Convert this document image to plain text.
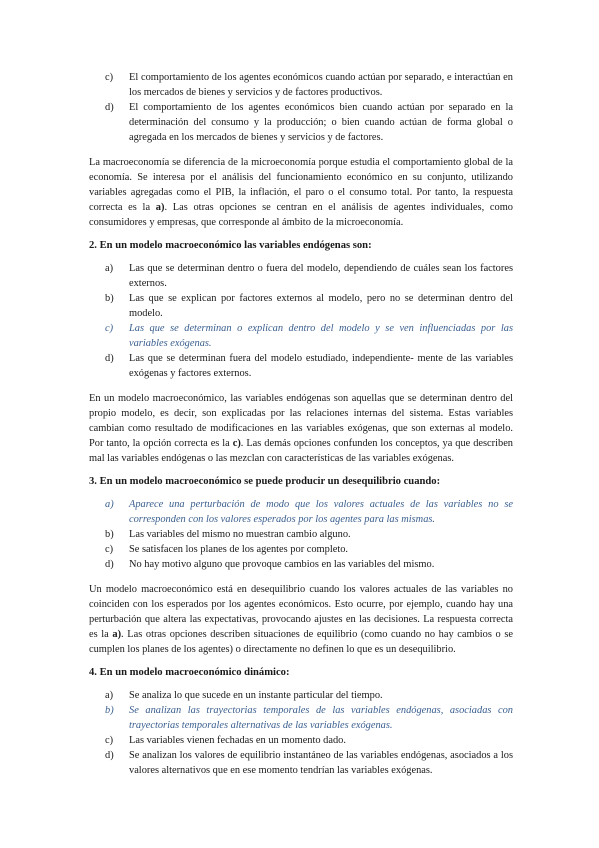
c)	El comportamiento de los agentes económicos cuando actúan por separado, e interactúan en los mercados de bienes y servicios y de factores productivos.
d)	El comportamiento de los agentes económicos bien cuando actúan por separado en la determinación del consumo y la producción; o bien cuando actúan de forma global o agregada en los mercados de bienes y servicios y de factores.

La macroeconomía se diferencia de la microeconomía porque estudia el comportamiento global de la economía. Se interesa por el análisis del funcionamiento económico en su conjunto, utilizando variables agregadas como el PIB, la inflación, el paro o el consumo total. Por tanto, la respuesta correcta es la a). Las otras opciones se centran en el análisis de agentes individuales, como consumidores y empresas, que corresponde al ámbito de la microeconomía.

2. En un modelo macroeconómico las variables endógenas son:

a)	Las que se determinan dentro o fuera del modelo, dependiendo de cuáles sean los factores externos.
b)	Las que se explican por factores externos al modelo, pero no se determinan dentro del modelo.
c)	Las que se determinan o explican dentro del modelo y se ven influenciadas por las variables exógenas.
d)	Las que se determinan fuera del modelo estudiado, independiente- mente de las variables exógenas y factores externos.

En un modelo macroeconómico, las variables endógenas son aquellas que se determinan dentro del propio modelo, es decir, son explicadas por las relaciones internas del sistema. Estas variables cambian como resultado de modificaciones en las variables exógenas, que son externas al modelo. Por tanto, la opción correcta es la c). Las demás opciones confunden los conceptos, ya que describen mal las variables endógenas o las mezclan con características de las variables exógenas.

3. En un modelo macroeconómico se puede producir un desequilibrio cuando:

a)	Aparece una perturbación de modo que los valores actuales de las variables no se corresponden con los valores esperados por los agentes para las mismas.
b)	Las variables del mismo no muestran cambio alguno.
c)	Se satisfacen los planes de los agentes por completo.
d)	No hay motivo alguno que provoque cambios en las variables del mismo.

Un modelo macroeconómico está en desequilibrio cuando los valores actuales de las variables no coinciden con los esperados por los agentes económicos. Esto ocurre, por ejemplo, cuando hay una perturbación que altera las expectativas, provocando ajustes en las decisiones. La respuesta correcta es la a). Las otras opciones describen situaciones de equilibrio (como cuando no hay cambios o se cumplen los planes de los agentes) o directamente no definen lo que es un desequilibrio.

4. En un modelo macroeconómico dinámico:

a)	Se analiza lo que sucede en un instante particular del tiempo.
b)	Se analizan las trayectorias temporales de las variables endógenas, asociadas con trayectorias temporales alternativas de las variables exógenas.
c)	Las variables vienen fechadas en un momento dado.
d)	Se analizan los valores de equilibrio instantáneo de las variables endógenas, asociados a los valores alternativos que en ese momento tendrían las variables exógenas.
